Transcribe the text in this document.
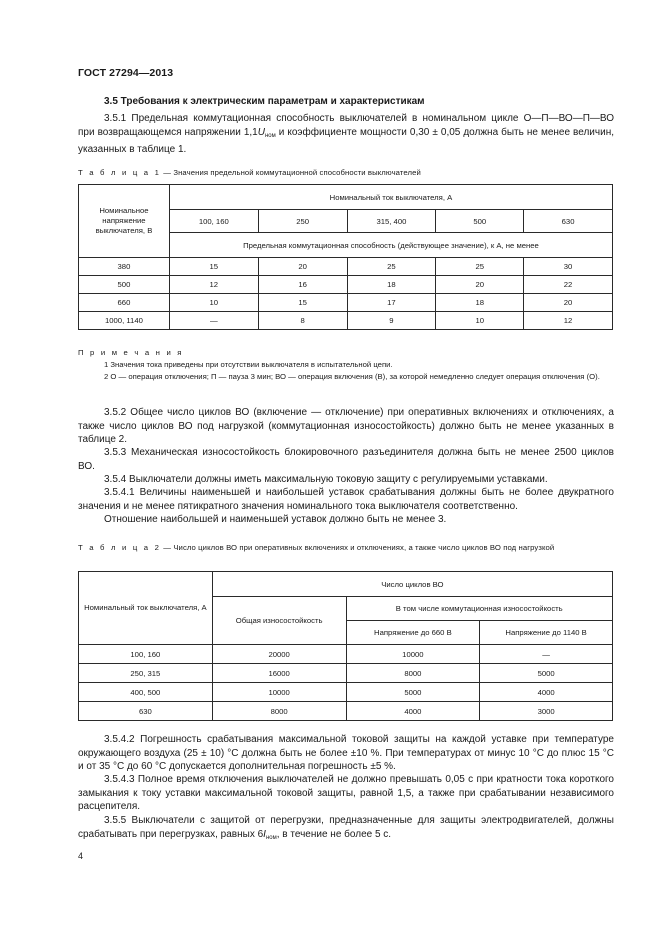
ГОСТ 27294—2013
3.5 Требования к электрическим параметрам и характеристикам
3.5.1 Предельная коммутационная способность выключателей в номинальном цикле О—П—ВО—П—ВО при возвращающемся напряжении $1,1U_{ном}$ и коэффициенте мощности 0,30 ± 0,05 должна быть не менее величин, указанных в таблице 1.
Т а б л и ц а 1 — Значения предельной коммутационной способности выключателей
Номинальное напряжение выключателя, В	Номинальный ток выключателя, А				
	100, 160	250	315, 400	500	630
	Предельная коммутационная способность (действующее значение), к А, не менее				
380	15	20	25	25	30
500	12	16	18	20	22
660	10	15	17	18	20
1000, 1140	—	8	9	10	12
П р и м е ч а н и я
1 Значения тока приведены при отсутствии выключателя в испытательной цепи.
2 О — операция отключения; П — пауза 3 мин; ВО — операция включения (В), за которой немедленно следует операция отключения (О).
3.5.2 Общее число циклов ВО (включение — отключение) при оперативных включениях и отключениях, а также число циклов ВО под нагрузкой (коммутационная износостойкость) должно быть не менее указанных в таблице 2.
3.5.3 Механическая износостойкость блокировочного разъединителя должна быть не менее 2500 циклов ВО.
3.5.4 Выключатели должны иметь максимальную токовую защиту с регулируемыми уставками.
3.5.4.1 Величины наименьшей и наибольшей уставок срабатывания должны быть не более двукратного значения и не менее пятикратного значения номинального тока выключателя соответственно.
Отношение наибольшей и наименьшей уставок должно быть не менее 3.
Т а б л и ц а 2 — Число циклов ВО при оперативных включениях и отключениях, а также число циклов ВО под нагрузкой
Номинальный ток выключателя, А	Число циклов ВО		
	Общая износостойкость	В том числе коммутационная износостойкость	
		Напряжение до 660 В	Напряжение до 1140 В
100, 160	20000	10000	—
250, 315	16000	8000	5000
400, 500	10000	5000	4000
630	8000	4000	3000
3.5.4.2 Погрешность срабатывания максимальной токовой защиты на каждой уставке при температуре окружающего воздуха (25 ± 10) °С должна быть не более ±10 %. При температурах от минус 10 °С до плюс 15 °С и от 35 °С до 60 °С допускается дополнительная погрешность ±5 %.
3.5.4.3 Полное время отключения выключателей не должно превышать 0,05 с при кратности тока короткого замыкания к току уставки максимальной токовой защиты, равной 1,5, а также при срабатывании независимого расцепителя.
3.5.5 Выключатели с защитой от перегрузки, предназначенные для защиты электродвигателей, должны срабатывать при перегрузках, равных $6I_{ном}$, в течение не более 5 с.
4
